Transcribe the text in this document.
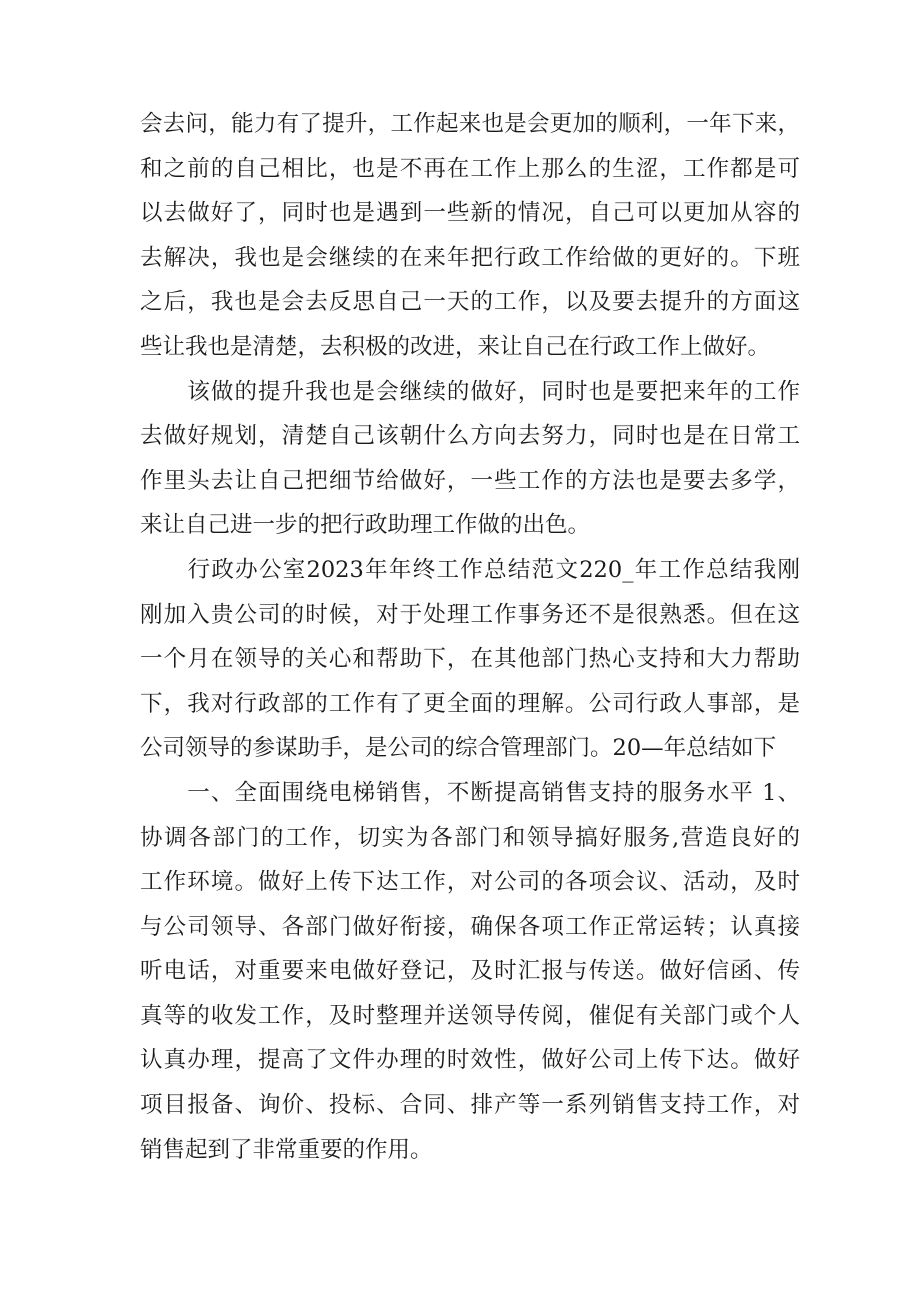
会去问，能力有了提升，工作起来也是会更加的顺利，一年下来，
和之前的自己相比，也是不再在工作上那么的生涩，工作都是可
以去做好了，同时也是遇到一些新的情况，自己可以更加从容的
去解决，我也是会继续的在来年把行政工作给做的更好的。下班
之后，我也是会去反思自己一天的工作，以及要去提升的方面这
些让我也是清楚，去积极的改进，来让自己在行政工作上做好。
　　该做的提升我也是会继续的做好，同时也是要把来年的工作
去做好规划，清楚自己该朝什么方向去努力，同时也是在日常工
作里头去让自己把细节给做好，一些工作的方法也是要去多学，
来让自己进一步的把行政助理工作做的出色。
　　行政办公室2023年年终工作总结范文220_年工作总结我刚
刚加入贵公司的时候，对于处理工作事务还不是很熟悉。但在这
一个月在领导的关心和帮助下，在其他部门热心支持和大力帮助
下，我对行政部的工作有了更全面的理解。公司行政人事部，是
公司领导的参谋助手，是公司的综合管理部门。20—年总结如下
　　一、全面围绕电梯销售，不断提高销售支持的服务水平 1、
协调各部门的工作，切实为各部门和领导搞好服务,营造良好的
工作环境。做好上传下达工作，对公司的各项会议、活动，及时
与公司领导、各部门做好衔接，确保各项工作正常运转；认真接
听电话，对重要来电做好登记，及时汇报与传送。做好信函、传
真等的收发工作，及时整理并送领导传阅，催促有关部门或个人
认真办理，提高了文件办理的时效性，做好公司上传下达。做好
项目报备、询价、投标、合同、排产等一系列销售支持工作，对
销售起到了非常重要的作用。
